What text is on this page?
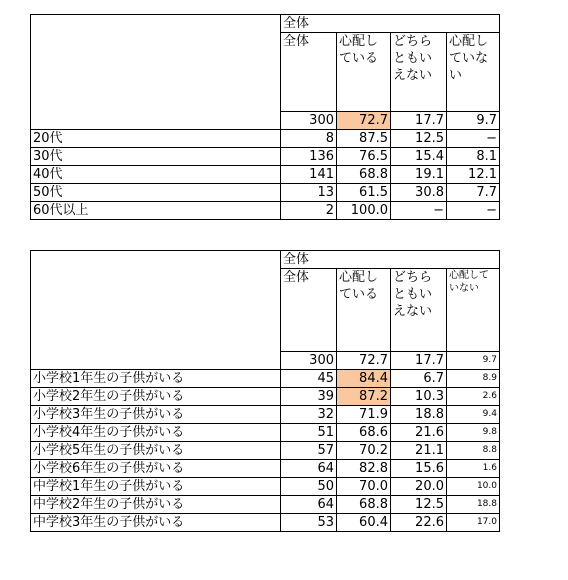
	全体			
	全体	心配している	どちらともいえない	心配していない
	300	72.7	17.7	9.7
20代	8	87.5	12.5	−
30代	136	76.5	15.4	8.1
40代	141	68.8	19.1	12.1
50代	13	61.5	30.8	7.7
60代以上	2	100.0	−	−
	全体			
	全体	心配している	どちらともいえない	心配していない
	300	72.7	17.7	9.7
小学校1年生の子供がいる	45	84.4	6.7	8.9
小学校2年生の子供がいる	39	87.2	10.3	2.6
小学校3年生の子供がいる	32	71.9	18.8	9.4
小学校4年生の子供がいる	51	68.6	21.6	9.8
小学校5年生の子供がいる	57	70.2	21.1	8.8
小学校6年生の子供がいる	64	82.8	15.6	1.6
中学校1年生の子供がいる	50	70.0	20.0	10.0
中学校2年生の子供がいる	64	68.8	12.5	18.8
中学校3年生の子供がいる	53	60.4	22.6	17.0
